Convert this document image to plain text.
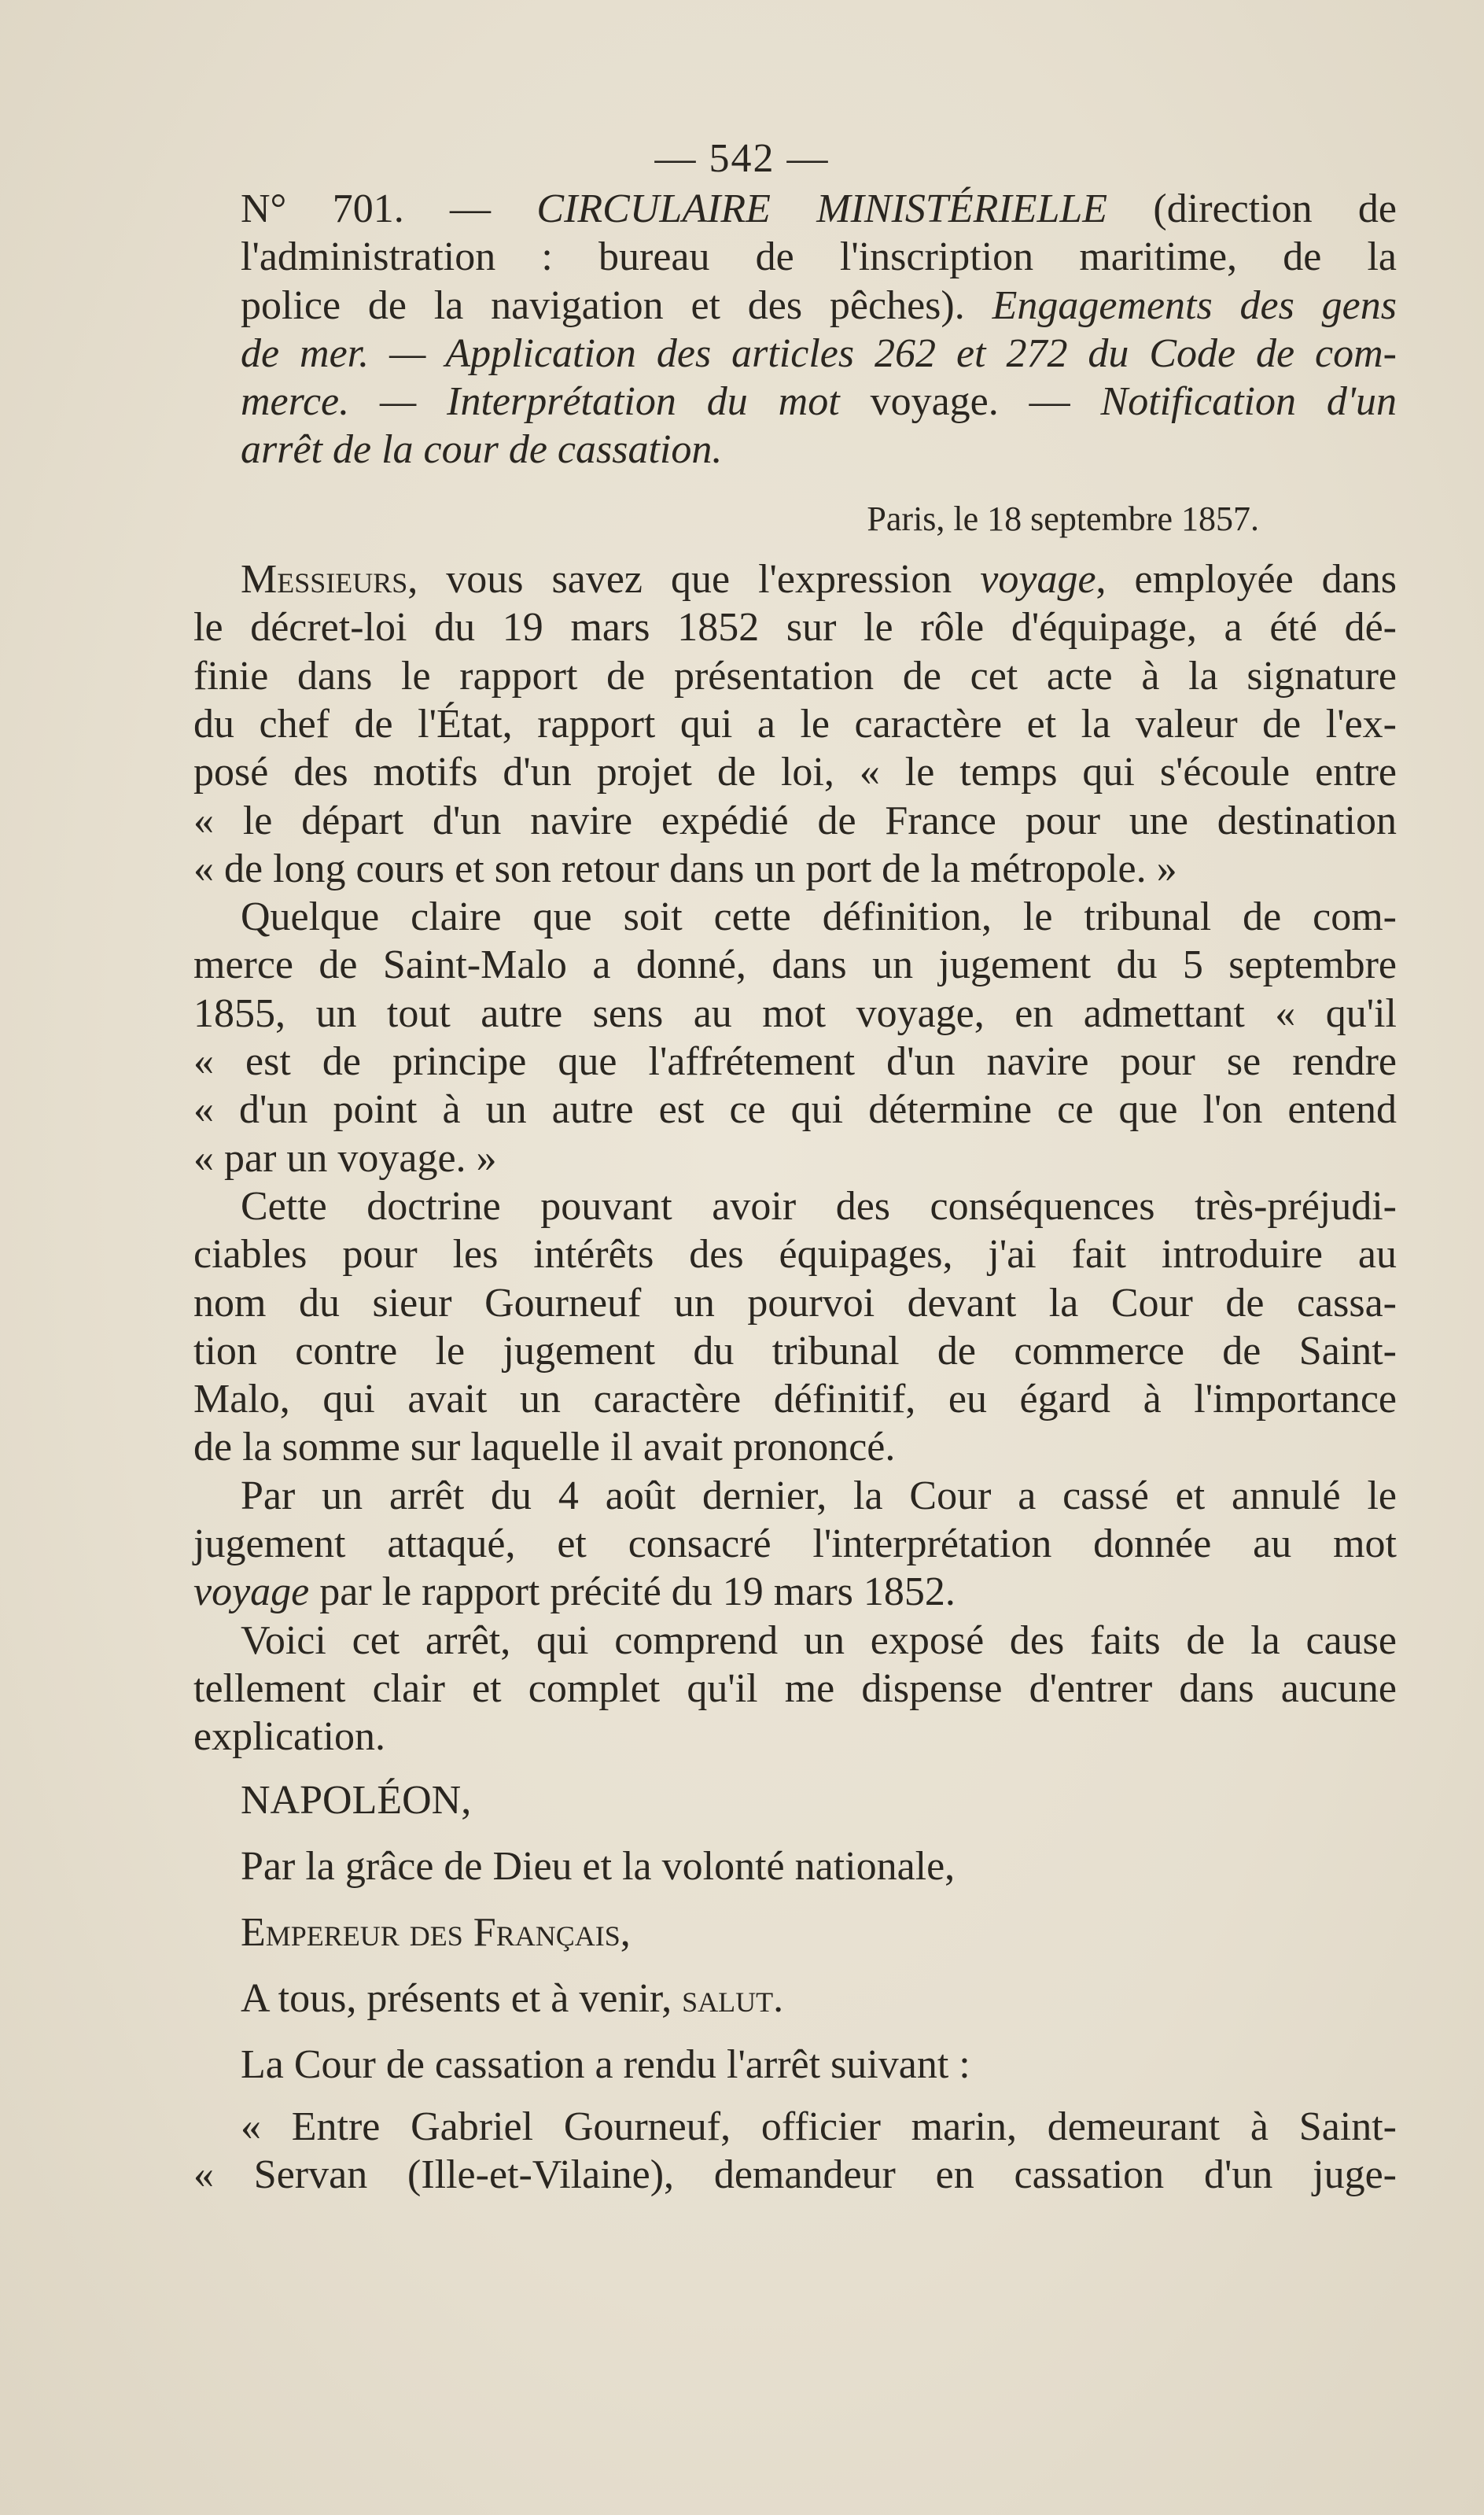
— 542 —
N° 701. — CIRCULAIRE MINISTÉRIELLE (direction de
l'administration : bureau de l'inscription maritime, de la
police de la navigation et des pêches). Engagements des gens
de mer. — Application des articles 262 et 272 du Code de com-
merce. — Interprétation du mot voyage. — Notification d'un
arrêt de la cour de cassation.
Paris, le 18 septembre 1857.
Messieurs, vous savez que l'expression voyage, employée dans
le décret-loi du 19 mars 1852 sur le rôle d'équipage, a été dé-
finie dans le rapport de présentation de cet acte à la signature
du chef de l'État, rapport qui a le caractère et la valeur de l'ex-
posé des motifs d'un projet de loi, « le temps qui s'écoule entre
« le départ d'un navire expédié de France pour une destination
« de long cours et son retour dans un port de la métropole. »
Quelque claire que soit cette définition, le tribunal de com-
merce de Saint-Malo a donné, dans un jugement du 5 septembre
1855, un tout autre sens au mot voyage, en admettant « qu'il
« est de principe que l'affrétement d'un navire pour se rendre
« d'un point à un autre est ce qui détermine ce que l'on entend
« par un voyage. »
Cette doctrine pouvant avoir des conséquences très-préjudi-
ciables pour les intérêts des équipages, j'ai fait introduire au
nom du sieur Gourneuf un pourvoi devant la Cour de cassa-
tion contre le jugement du tribunal de commerce de Saint-
Malo, qui avait un caractère définitif, eu égard à l'importance
de la somme sur laquelle il avait prononcé.
Par un arrêt du 4 août dernier, la Cour a cassé et annulé le
jugement attaqué, et consacré l'interprétation donnée au mot
voyage par le rapport précité du 19 mars 1852.
Voici cet arrêt, qui comprend un exposé des faits de la cause
tellement clair et complet qu'il me dispense d'entrer dans aucune
explication.
NAPOLÉON,
Par la grâce de Dieu et la volonté nationale,
Empereur des Français,
A tous, présents et à venir, salut.
La Cour de cassation a rendu l'arrêt suivant :
« Entre Gabriel Gourneuf, officier marin, demeurant à Saint-
« Servan (Ille-et-Vilaine), demandeur en cassation d'un juge-
